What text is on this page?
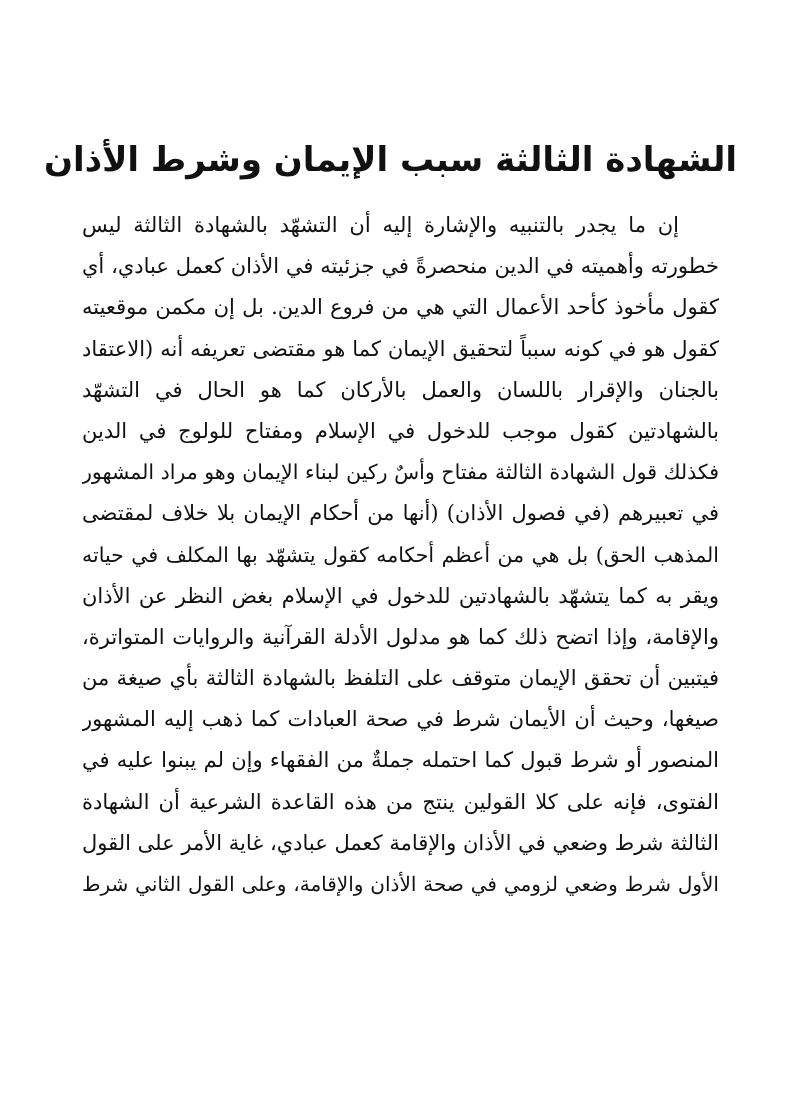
الشهادة الثالثة سبب الإيمان وشرط الأذان
إن ما يجدر بالتنبيه والإشارة إليه أن التشهّد بالشهادة الثالثة ليس
خطورته وأهميته في الدين منحصرةً في جزئيته في الأذان كعمل عبادي، أي
كقول مأخوذ كأحد الأعمال التي هي من فروع الدين. بل إن مكمن موقعيته
كقول هو في كونه سبباً لتحقيق الإيمان كما هو مقتضى تعريفه أنه (الاعتقاد
بالجنان والإقرار باللسان والعمل بالأركان كما هو الحال في التشهّد
بالشهادتين كقول موجب للدخول في الإسلام ومفتاح للولوج في الدين
فكذلك قول الشهادة الثالثة مفتاح وأسٌ ركين لبناء الإيمان وهو مراد المشهور
في تعبيرهم (في فصول الأذان) (أنها من أحكام الإيمان بلا خلاف لمقتضى
المذهب الحق) بل هي من أعظم أحكامه كقول يتشهّد بها المكلف في حياته
ويقر به كما يتشهّد بالشهادتين للدخول في الإسلام بغض النظر عن الأذان
والإقامة، وإذا اتضح ذلك كما هو مدلول الأدلة القرآنية والروايات المتواترة،
فيتبين أن تحقق الإيمان متوقف على التلفظ بالشهادة الثالثة بأي صيغة من
صيغها، وحيث أن الأيمان شرط في صحة العبادات كما ذهب إليه المشهور
المنصور أو شرط قبول كما احتمله جملةٌ من الفقهاء وإن لم يبنوا عليه في
الفتوى، فإنه على كلا القولين ينتج من هذه القاعدة الشرعية أن الشهادة
الثالثة شرط وضعي في الأذان والإقامة كعمل عبادي، غاية الأمر على القول
الأول شرط وضعي لزومي في صحة الأذان والإقامة، وعلى القول الثاني شرط
